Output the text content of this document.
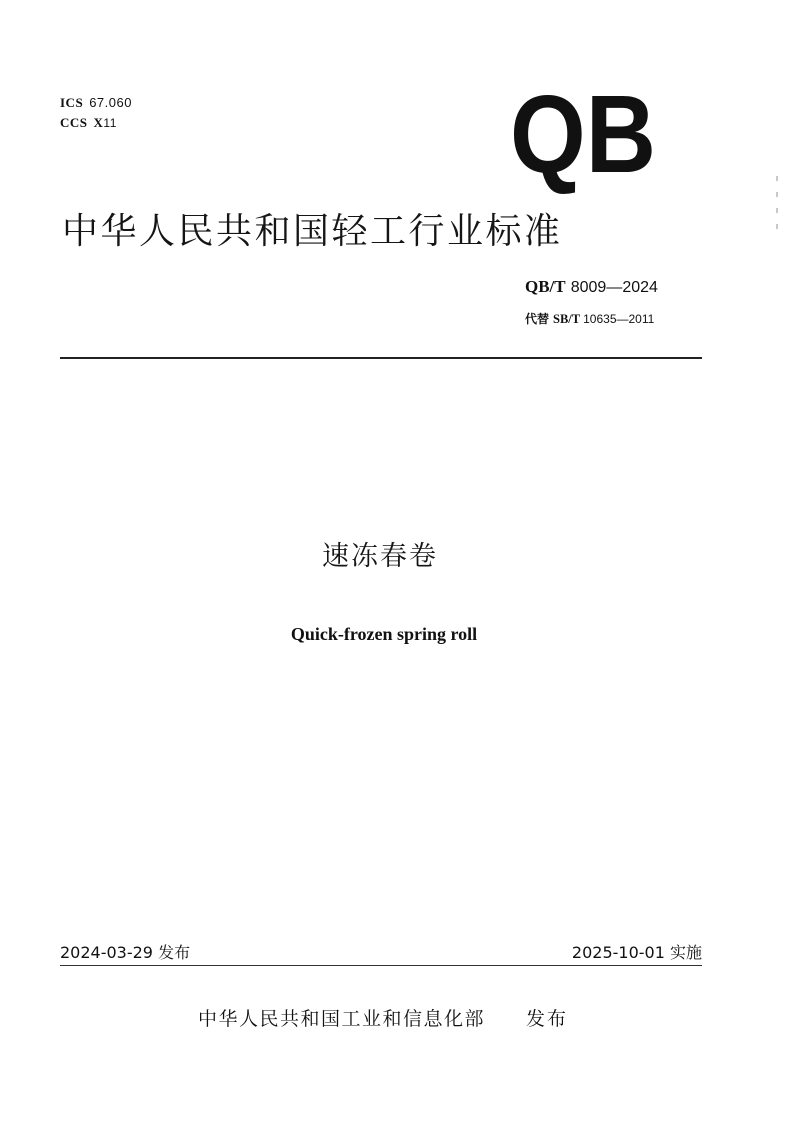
ICS 67.060
CCS X11	QB
中华人民共和国轻工行业标准
QB/T 8009—2024
代替 SB/T 10635—2011
速冻春卷
Quick-frozen spring roll
2024-03-29 发布	2025-10-01 实施
中华人民共和国工业和信息化部 发布
